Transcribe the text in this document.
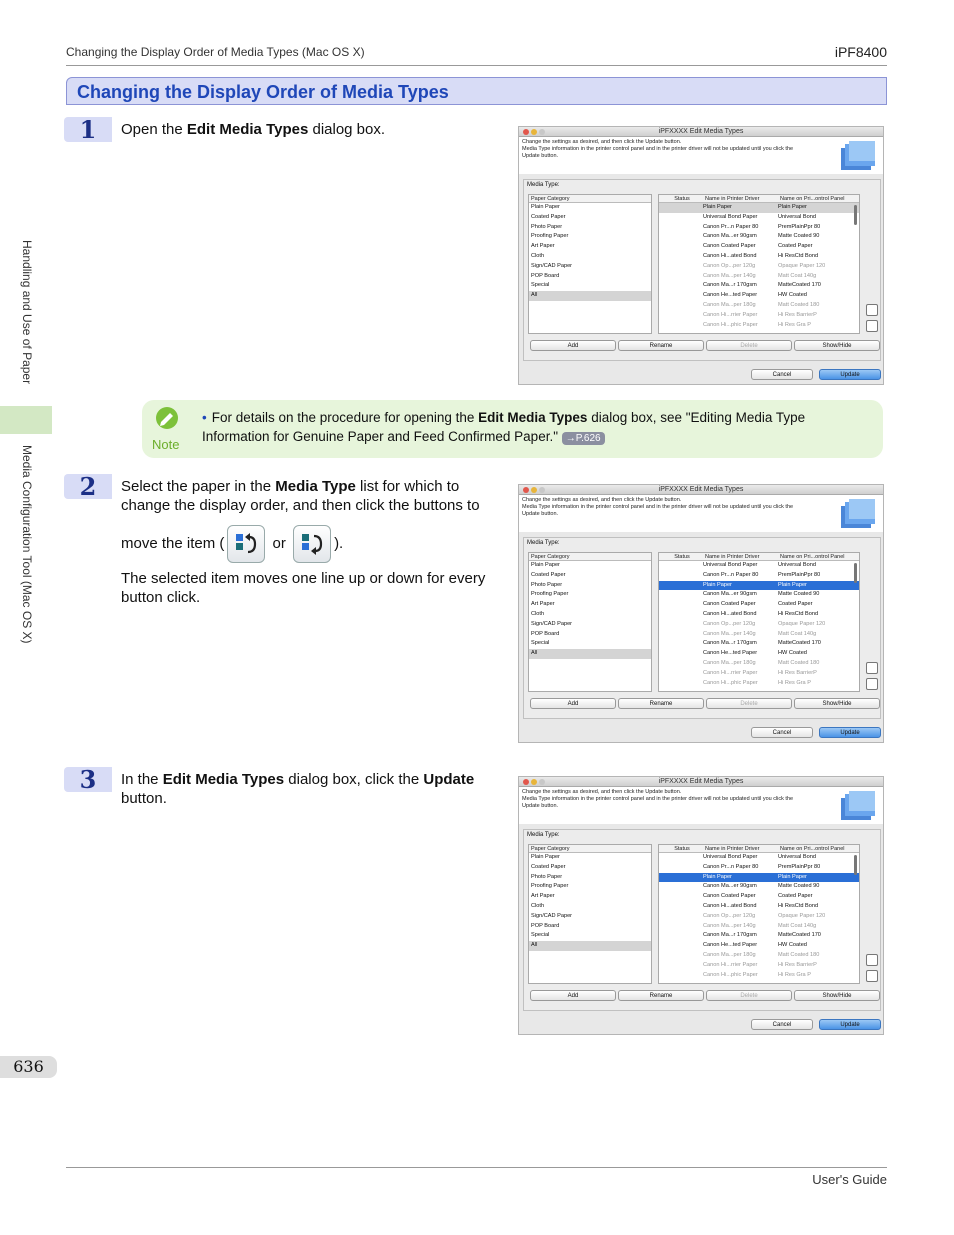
Changing the Display Order of Media Types (Mac OS X)	iPF8400
Changing the Display Order of Media Types
Handling and Use of Paper
Media Configuration Tool (Mac OS X)
1	Open the Edit Media Types dialog box.
Note
• For details on the procedure for opening the Edit Media Types dialog box, see "Editing Media Type Information for Genuine Paper and Feed Confirmed Paper." →P.626
2	Select the paper in the Media Type list for which to change the display order, and then click the buttons to
move the item (	or	).
The selected item moves one line up or down for every button click.
3	In the Edit Media Types dialog box, click the Update button.
iPFXXXX Edit Media Types
Change the settings as desired, and then click the Update button.
Media Type information in the printer control panel and in the printer driver will not be updated until you click the Update button.
Media Type:
Paper Category
Plain Paper
Coated Paper
Photo Paper
Proofing Paper
Art Paper
Cloth
Sign/CAD Paper
POP Board
Special
All
Status	Name in Printer Driver	Name on Pri...ontrol Panel
Plain Paper	Plain Paper
Universal Bond Paper	Universal Bond
Canon Pr...n Paper 80	PremPlainPpr 80
Canon Ma...er 90gsm	Matte Coated 90
Canon Coated Paper	Coated Paper
Canon Hi...ated Bond	Hi ResCtd Bond
Canon Op...per 120g	Opaque Paper 120
Canon Ma...per 140g	Matt Coat 140g
Canon Ma...r 170gsm	MatteCoated 170
Canon He...ted Paper	HW Coated
Canon Ma...per 180g	Matt Coated 180
Canon Hi...rrier Paper	Hi Res BarrierP
Canon Hi...phic Paper	Hi Res Gra P
Add	Rename	Delete	Show/Hide
Cancel	Update
iPFXXXX Edit Media Types
Change the settings as desired, and then click the Update button.
Media Type information in the printer control panel and in the printer driver will not be updated until you click the Update button.
Media Type:
Paper Category
Plain Paper
Coated Paper
Photo Paper
Proofing Paper
Art Paper
Cloth
Sign/CAD Paper
POP Board
Special
All
Status	Name in Printer Driver	Name on Pri...ontrol Panel
Universal Bond Paper	Universal Bond
Canon Pr...n Paper 80	PremPlainPpr 80
Plain Paper	Plain Paper
Canon Ma...er 90gsm	Matte Coated 90
Canon Coated Paper	Coated Paper
Canon Hi...ated Bond	Hi ResCtd Bond
Canon Op...per 120g	Opaque Paper 120
Canon Ma...per 140g	Matt Coat 140g
Canon Ma...r 170gsm	MatteCoated 170
Canon He...ted Paper	HW Coated
Canon Ma...per 180g	Matt Coated 180
Canon Hi...rrier Paper	Hi Res BarrierP
Canon Hi...phic Paper	Hi Res Gra P
Add	Rename	Delete	Show/Hide
Cancel	Update
iPFXXXX Edit Media Types
Change the settings as desired, and then click the Update button.
Media Type information in the printer control panel and in the printer driver will not be updated until you click the Update button.
Media Type:
Paper Category
Plain Paper
Coated Paper
Photo Paper
Proofing Paper
Art Paper
Cloth
Sign/CAD Paper
POP Board
Special
All
Status	Name in Printer Driver	Name on Pri...ontrol Panel
Universal Bond Paper	Universal Bond
Canon Pr...n Paper 80	PremPlainPpr 80
Plain Paper	Plain Paper
Canon Ma...er 90gsm	Matte Coated 90
Canon Coated Paper	Coated Paper
Canon Hi...ated Bond	Hi ResCtd Bond
Canon Op...per 120g	Opaque Paper 120
Canon Ma...per 140g	Matt Coat 140g
Canon Ma...r 170gsm	MatteCoated 170
Canon He...ted Paper	HW Coated
Canon Ma...per 180g	Matt Coated 180
Canon Hi...rrier Paper	Hi Res BarrierP
Canon Hi...phic Paper	Hi Res Gra P
Add	Rename	Delete	Show/Hide
Cancel	Update
636
User's Guide
